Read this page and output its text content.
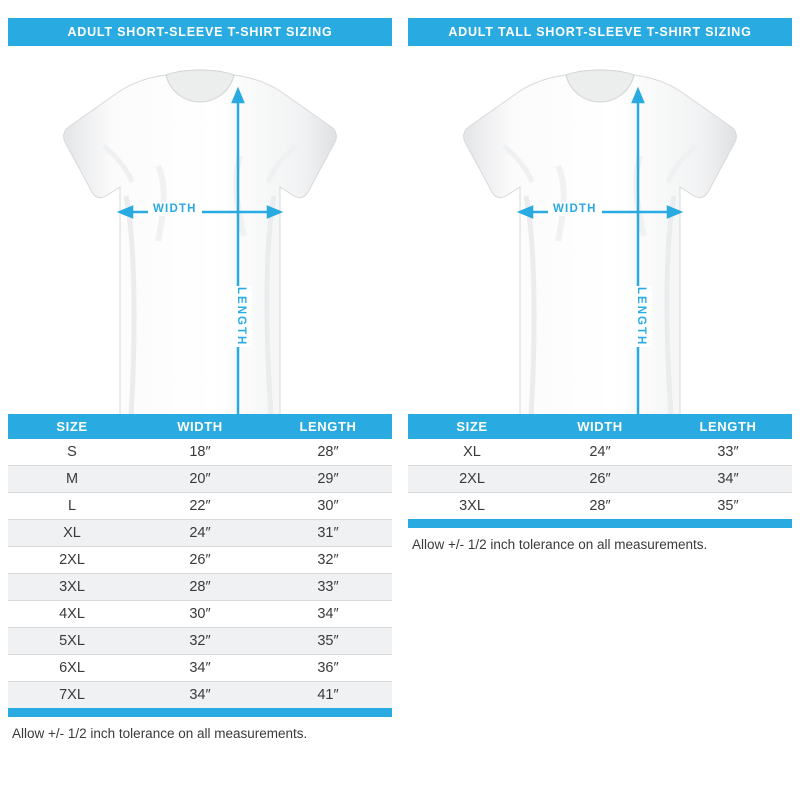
ADULT SHORT-SLEEVE T-SHIRT SIZING
WIDTH
LENGTH
SIZE	WIDTH	LENGTH
S	18″	28″
M	20″	29″
L	22″	30″
XL	24″	31″
2XL	26″	32″
3XL	28″	33″
4XL	30″	34″
5XL	32″	35″
6XL	34″	36″
7XL	34″	41″
Allow +/- 1/2 inch tolerance on all measurements.
ADULT TALL SHORT-SLEEVE T-SHIRT SIZING
WIDTH
LENGTH
SIZE	WIDTH	LENGTH
XL	24″	33″
2XL	26″	34″
3XL	28″	35″
Allow +/- 1/2 inch tolerance on all measurements.
